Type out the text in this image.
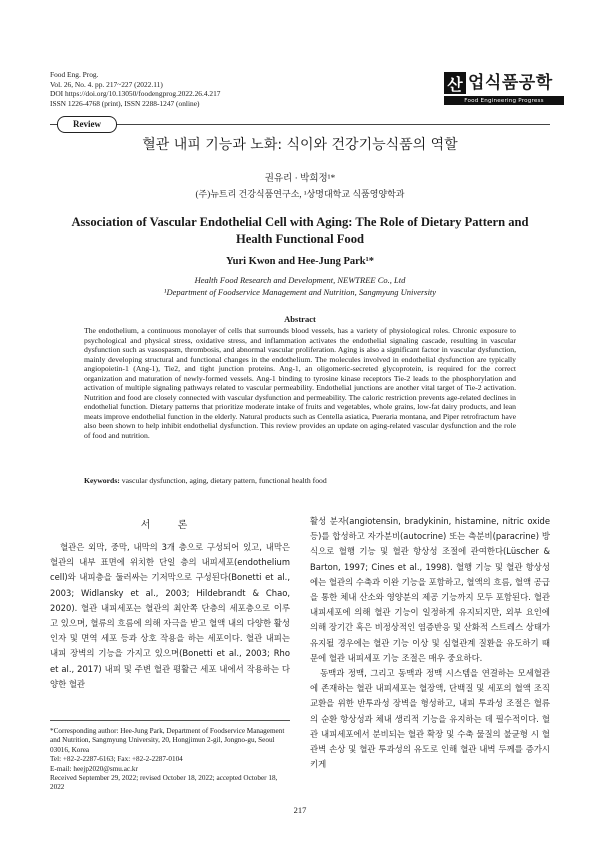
Food Eng. Prog.
Vol. 26, No. 4. pp. 217~227 (2022.11)
DOI https://doi.org/10.13050/foodengprog.2022.26.4.217
ISSN 1226-4768 (print), ISSN 2288-1247 (online)
산 업식품공학
Food Engineering Progress
Review
혈관 내피 기능과 노화: 식이와 건강기능식품의 역할
권유리 · 박희정¹*
(주)뉴트리 건강식품연구소, ¹상명대학교 식품영양학과
Association of Vascular Endothelial Cell with Aging: The Role of Dietary Pattern and Health Functional Food
Yuri Kwon and Hee-Jung Park¹*
Health Food Research and Development, NEWTREE Co., Ltd
¹Department of Foodservice Management and Nutrition, Sangmyung University
Abstract
The endothelium, a continuous monolayer of cells that surrounds blood vessels, has a variety of physiological roles. Chronic exposure to psychological and physical stress, oxidative stress, and inflammation activates the endothelial signaling cascade, resulting in vascular dysfunction such as vasospasm, thrombosis, and abnormal vascular proliferation. Aging is also a significant factor in vascular dysfunction, mainly developing structural and functional changes in the endothelium. The molecules involved in endothelial dysfunction are typically angiopoietin-1 (Ang-1), Tie2, and tight junction proteins. Ang-1, an oligomeric-secreted glycoprotein, is required for the correct organization and maturation of newly-formed vessels. Ang-1 binding to tyrosine kinase receptors Tie-2 leads to the phosphorylation and activation of multiple signaling pathways related to vascular permeability. Endothelial junctions are another vital target of Tie-2 activation. Nutrition and food are closely connected with vascular dysfunction and permeability. The caloric restriction prevents age-related declines in endothelial function. Dietary patterns that prioritize moderate intake of fruits and vegetables, whole grains, low-fat dairy products, and lean meats improve endothelial function in the elderly. Natural products such as Centella asiatica, Pueraria montana, and Piper retrofractum have also been shown to help inhibit endothelial dysfunction. This review provides an update on aging-related vascular dysfunction and the role of food and nutrition.
Keywords: vascular dysfunction, aging, dietary pattern, functional health food
서 론

혈관은 외막, 중막, 내막의 3개 층으로 구성되어 있고, 내막은 혈관의 내부 표면에 위치한 단일 층의 내피세포(endothelium cell)와 내피층을 둘러싸는 기저막으로 구성된다(Bonetti et al., 2003; Widlansky et al., 2003; Hildebrandt & Chao, 2020). 혈관 내피세포는 혈관의 최안쪽 단층의 세포층으로 이루고 있으며, 혈류의 흐름에 의해 자극을 받고 혈액 내의 다양한 활성 인자 및 면역 세포 등과 상호 작용을 하는 세포이다. 혈관 내피는 내피 장벽의 기능을 가지고 있으며(Bonetti et al., 2003; Rho et al., 2017) 내피 및 주변 혈관 평활근 세포 내에서 작용하는 다양한 혈관

활성 분자(angiotensin, bradykinin, histamine, nitric oxide 등)를 합성하고 자가분비(autocrine) 또는 측분비(paracrine) 방식으로 혈행 기능 및 혈관 항상성 조절에 관여한다(Lüscher & Barton, 1997; Cines et al., 1998). 혈행 기능 및 혈관 항상성에는 혈관의 수축과 이완 기능을 포함하고, 혈액의 흐름, 혈액 공급을 통한 체내 산소와 영양분의 제공 기능까지 모두 포함된다. 혈관 내피세포에 의해 혈관 기능이 일정하게 유지되지만, 외부 요인에 의해 장기간 혹은 비정상적인 염증반응 및 산화적 스트레스 상태가 유지될 경우에는 혈관 기능 이상 및 심혈관계 질환을 유도하기 때문에 혈관 내피세포 기능 조절은 매우 중요하다.

동맥과 정맥, 그리고 동맥과 정맥 시스템을 연결하는 모세혈관에 존재하는 혈관 내피세포는 혈장액, 단백질 및 세포의 혈액 조직 교환을 위한 반투과성 장벽을 형성하고, 내피 투과성 조절은 혈류의 순환 항상성과 체내 생리적 기능을 유지하는 데 필수적이다. 혈관 내피세포에서 분비되는 혈관 확장 및 수축 물질의 불균형 시 혈관벽 손상 및 혈관 투과성의 유도로 인해 혈관 내벽 두께를 증가시키게

*Corresponding author: Hee-Jung Park, Department of Foodservice Management and Nutrition, Sangmyung University, 20, Hongjimun 2-gil, Jongno-gu, Seoul 03016, Korea
Tel: +82-2-2287-6163; Fax: +82-2-2287-0104
E-mail: heejp2020@smu.ac.kr
Received September 29, 2022; revised October 18, 2022; accepted October 18, 2022
217
